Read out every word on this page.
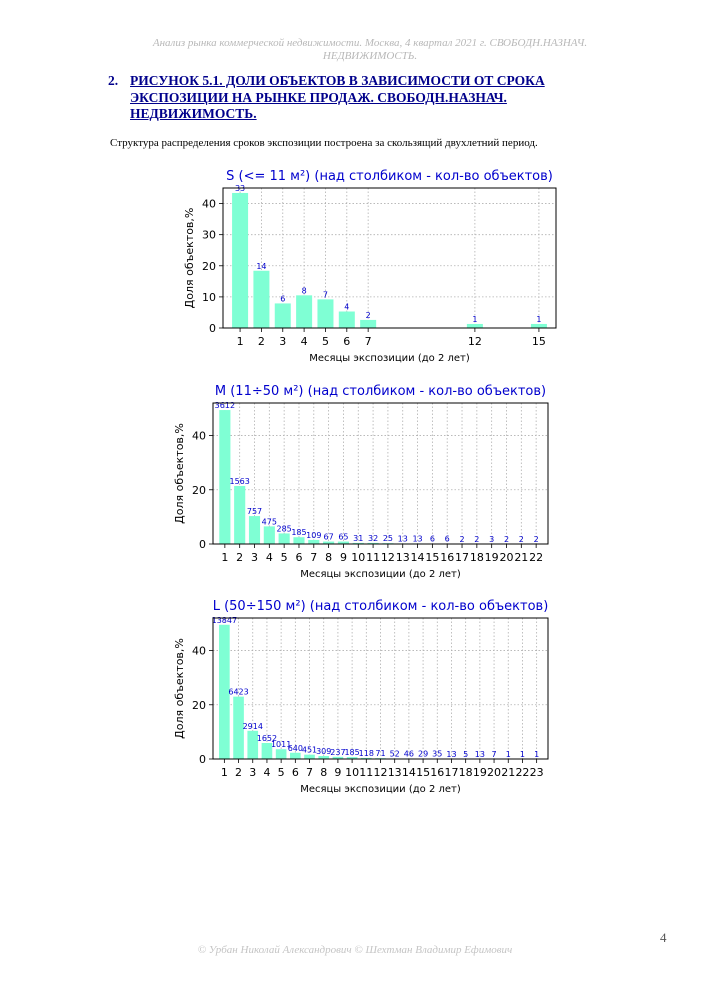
Анализ рынка коммерческой недвижимости. Москва, 4 квартал 2021 г. СВОБОДН.НАЗНАЧ.
НЕДВИЖИМОСТЬ.
2. РИСУНОК 5.1. ДОЛИ ОБЪЕКТОВ В ЗАВИСИМОСТИ ОТ СРОКА ЭКСПОЗИЦИИ НА РЫНКЕ ПРОДАЖ. СВОБОДН.НАЗНАЧ. НЕДВИЖИМОСТЬ.
Структура распределения сроков экспозиции построена за скользящий двухлетний период.
S (<= 11 м²) (над столбиком - кол-во объектов)
0
10
20
30
40
33
14
6
8 7
4
2	1	1
1 2 3 4 5 6 7	12	15
Месяцы экспозиции (до 2 лет)
Доля объектов,%
M (11÷50 м²) (над столбиком - кол-во объектов)
0
20
40
3612
1563
757
475
285 185 109 67 65 31 32 25 13 13 6 6 2 2 3 2 2 2
1 2 3 4 5 6 7 8 9 10 11 12 13 14 15 16 17 18 19 20 21 22
Месяцы экспозиции (до 2 лет)
Доля объектов,%
L (50÷150 м²) (над столбиком - кол-во объектов)
0
20
40
13847
6423
2914
1652
1011
640
451
309
237
185
118 71 52 46 29 35 13 5 13 7 1 1 1
1 2 3 4 5 6 7 8 9 10 11 12 13 14 15 16 17 18 19 20 21 22 23
Месяцы экспозиции (до 2 лет)
Доля объектов,%
4
© Урбан Николай Александрович © Шехтман Владимир Ефимович
